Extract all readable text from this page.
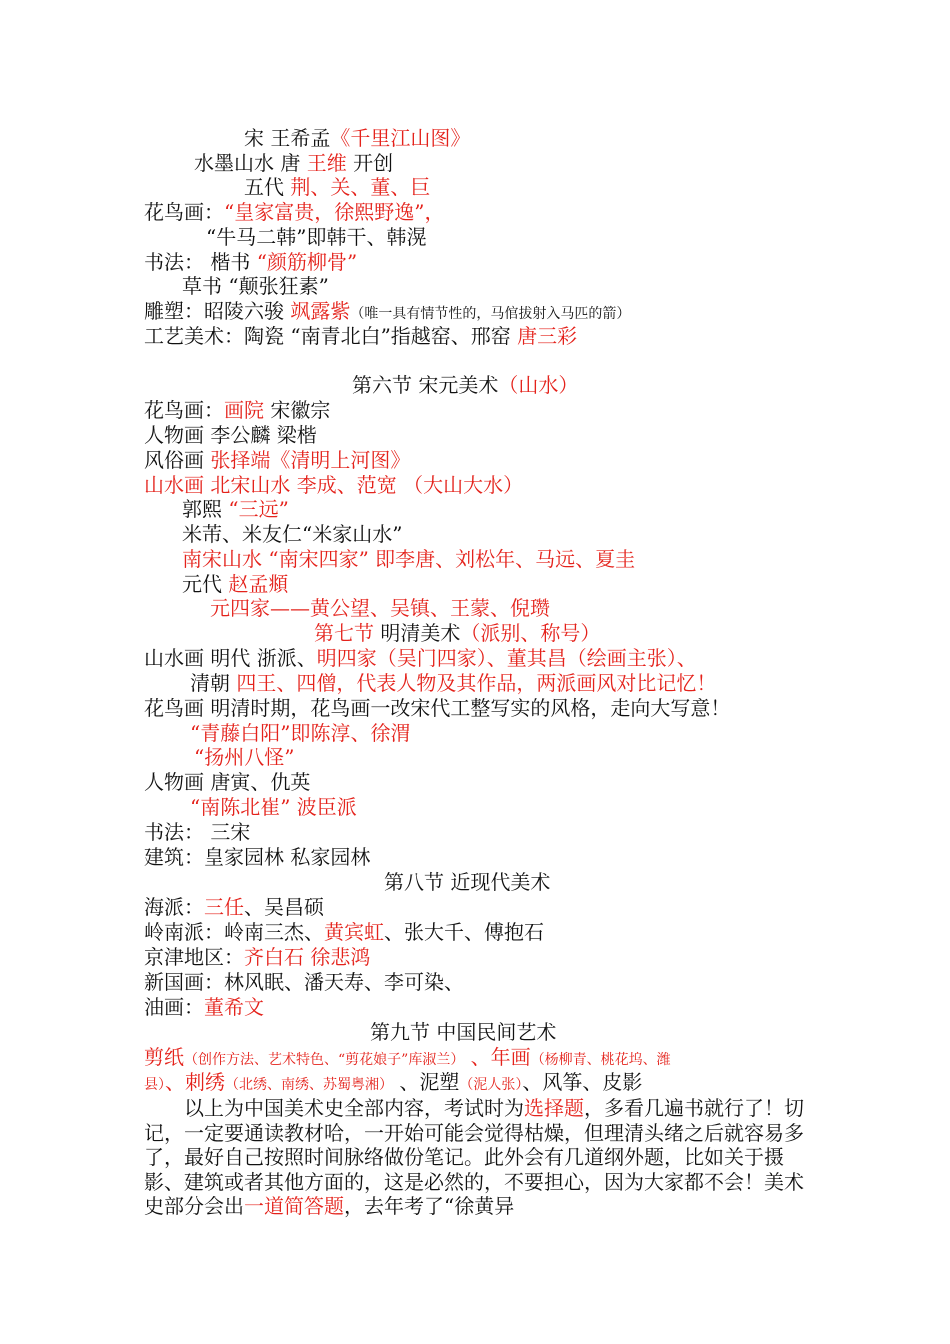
宋 王希孟《千里江山图》
水墨山水 唐 王维 开创
五代 荆、关、董、巨
花鸟画：“皇家富贵，徐熙野逸”，
“牛马二韩”即韩干、韩滉
书法： 楷书 “颜筋柳骨”
草书 “颠张狂素”
雕塑：昭陵六骏 飒露紫（唯一具有情节性的，马倌拔射入马匹的箭）
工艺美术：陶瓷 “南青北白”指越窑、邢窑 唐三彩
第六节 宋元美术（山水）
花鸟画：画院 宋徽宗
人物画 李公麟 梁楷
风俗画 张择端《清明上河图》
山水画 北宋山水 李成、范宽 （大山大水）
郭熙 “三远”
米芾、米友仁“米家山水”
南宋山水 “南宋四家” 即李唐、刘松年、马远、夏圭
元代 赵孟頫
元四家——黄公望、吴镇、王蒙、倪瓒
第七节 明清美术（派别、称号）
山水画 明代 浙派、明四家（吴门四家）、董其昌（绘画主张）、
清朝 四王、四僧，代表人物及其作品，两派画风对比记忆！
花鸟画 明清时期，花鸟画一改宋代工整写实的风格，走向大写意！
“青藤白阳”即陈淳、徐渭
“扬州八怪”
人物画 唐寅、仇英
“南陈北崔” 波臣派
书法： 三宋
建筑：皇家园林 私家园林
第八节 近现代美术
海派：三任、吴昌硕
岭南派：岭南三杰、黄宾虹、张大千、傅抱石
京津地区：齐白石 徐悲鸿
新国画：林风眠、潘天寿、李可染、
油画：董希文
第九节 中国民间艺术
剪纸（创作方法、艺术特色、“剪花娘子”库淑兰） 、年画（杨柳青、桃花坞、潍
县）、刺绣（北绣、南绣、苏蜀粤湘） 、泥塑（泥人张）、风筝、皮影
以上为中国美术史全部内容，考试时为选择题，多看几遍书就行了！切记，一定要通读教材哈，一开始可能会觉得枯燥，但理清头绪之后就容易多了，最好自己按照时间脉络做份笔记。此外会有几道纲外题，比如关于摄影、建筑或者其他方面的，这是必然的，不要担心，因为大家都不会！美术史部分会出一道简答题，去年考了“徐黄异
